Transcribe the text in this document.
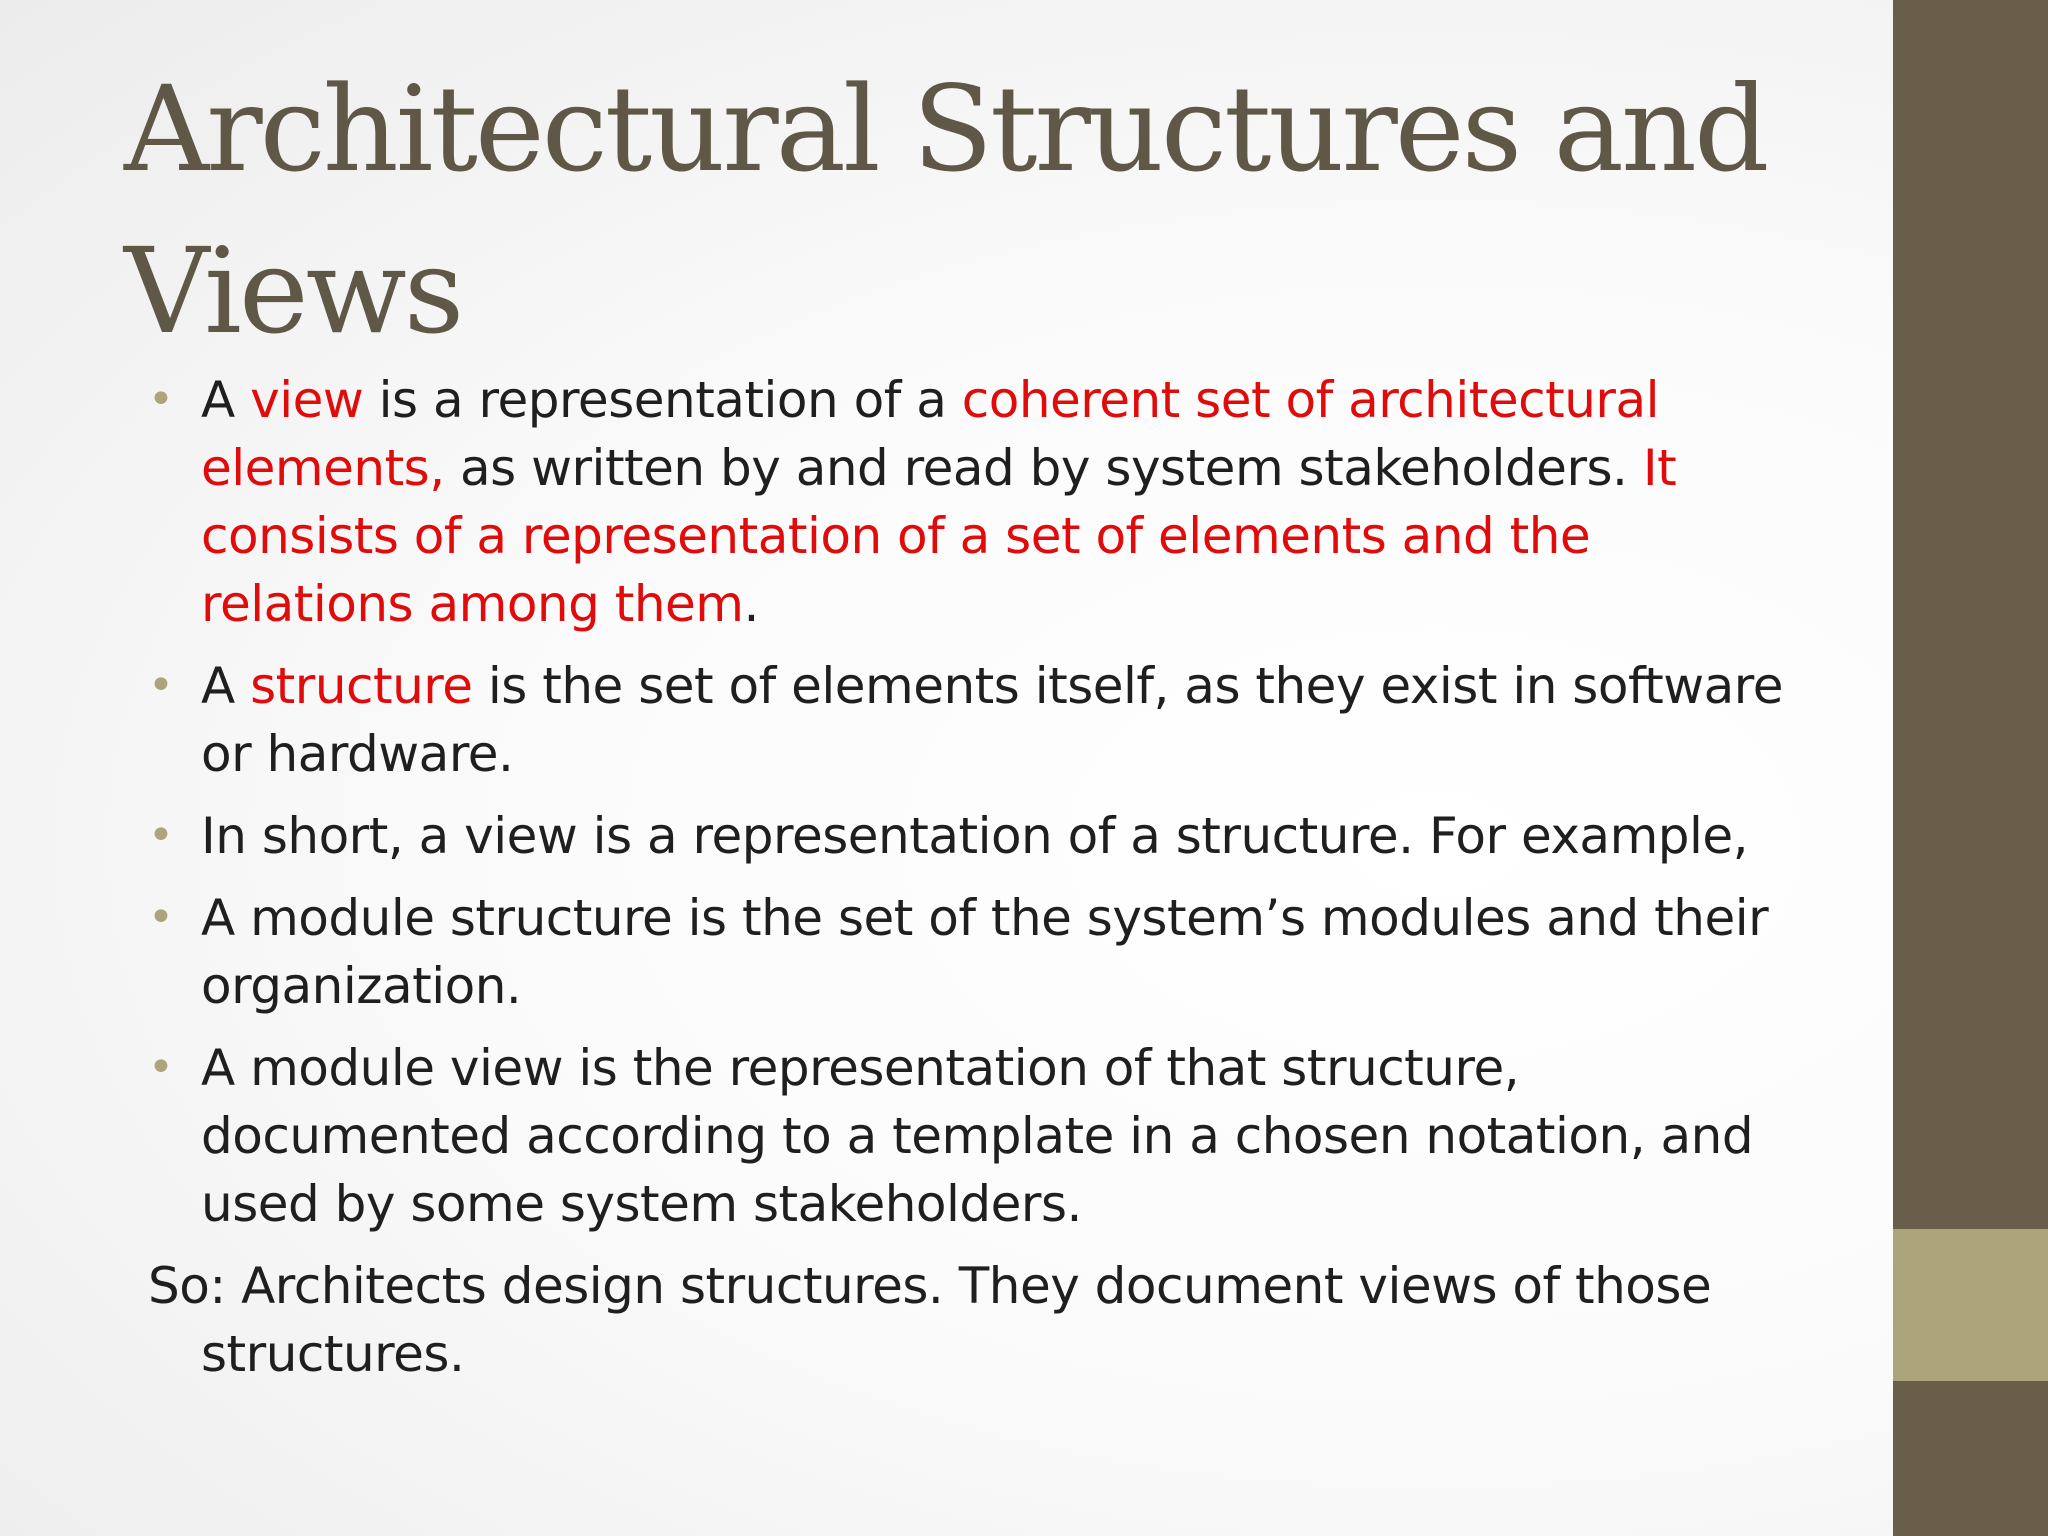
Architectural Structures and Views
• A view is a representation of a coherent set of architectural elements, as written by and read by system stakeholders. It consists of a representation of a set of elements and the relations among them.
• A structure is the set of elements itself, as they exist in software or hardware.
• In short, a view is a representation of a structure. For example,
• A module structure is the set of the system’s modules and their organization.
• A module view is the representation of that structure, documented according to a template in a chosen notation, and used by some system stakeholders.

So: Architects design structures. They document views of those structures.
